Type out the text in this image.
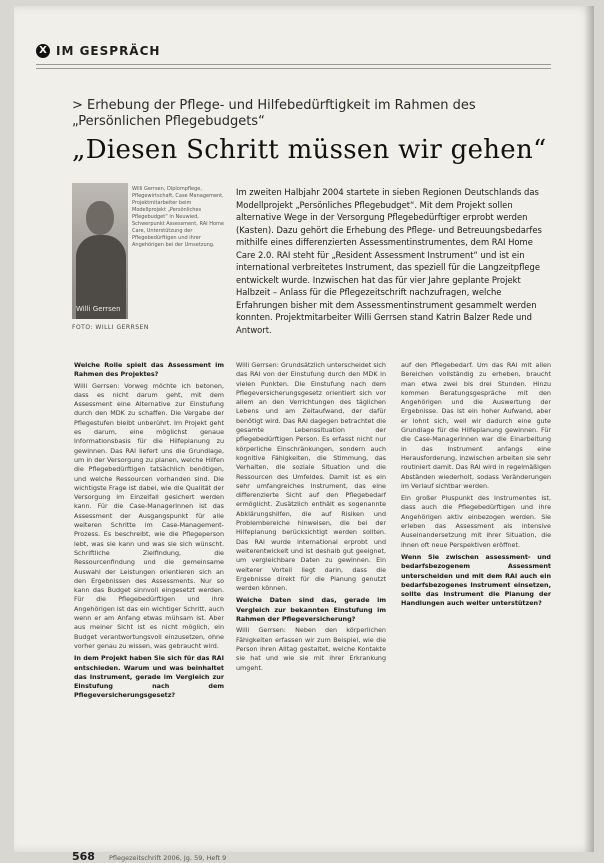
X IM GESPRÄCH
> Erhebung der Pflege- und Hilfebedürftigkeit im Rahmen des „Persönlichen Pflegebudgets“
„Diesen Schritt müssen wir gehen“
Willi Gerrsen
Willi Gerrsen, Diplompflege, Pflegewirtschaft, Case Management, Projektmitarbeiter beim Modellprojekt „Persönliches Pflegebudget“ in Neuwied, Schwerpunkt Assessment, RAI Home Care, Unterstützung der Pflegebedürftigen und ihrer Angehörigen bei der Umsetzung.
FOTO: WILLI GERRSEN
Im zweiten Halbjahr 2004 startete in sieben Regionen Deutschlands das Modellprojekt „Persönliches Pflegebudget“. Mit dem Projekt sollen alternative Wege in der Versorgung Pflegebedürftiger erprobt werden (Kasten). Dazu gehört die Erhebung des Pflege- und Betreuungsbedarfes mithilfe eines differenzierten Assessmentinstrumentes, dem RAI Home Care 2.0. RAI steht für „Resident Assessment Instrument“ und ist ein international verbreitetes Instrument, das speziell für die Langzeitpflege entwickelt wurde. Inzwischen hat das für vier Jahre geplante Projekt Halbzeit – Anlass für die Pflegezeitschrift nachzufragen, welche Erfahrungen bisher mit dem Assessmentinstrument gesammelt werden konnten. Projektmitarbeiter Willi Gerrsen stand Katrin Balzer Rede und Antwort.
Welche Rolle spielt das Assessment im Rahmen des Projektes?
Willi Gerrsen: Vorweg möchte ich betonen, dass es nicht darum geht, mit dem Assessment eine Alternative zur Einstufung durch den MDK zu schaffen. Die Vergabe der Pflegestufen bleibt unberührt. Im Projekt geht es darum, eine möglichst genaue Informationsbasis für die Hilfeplanung zu gewinnen. Das RAI liefert uns die Grundlage, um in der Versorgung zu planen, welche Hilfen die Pflegebedürftigen tatsächlich benötigen, und welche Ressourcen vorhanden sind. Die wichtigste Frage ist dabei, wie die Qualität der Versorgung im Einzelfall gesichert werden kann. Für die Case-Managerinnen ist das Assessment der Ausgangspunkt für alle weiteren Schritte im Case-Management-Prozess. Es beschreibt, wie die Pflegeperson lebt, was sie kann und was sie sich wünscht. Schriftliche Zielfindung, die Ressourcenfindung und die gemeinsame Auswahl der Leistungen orientieren sich an den Ergebnissen des Assessments. Nur so kann das Budget sinnvoll eingesetzt werden. Für die Pflegebedürftigen und ihre Angehörigen ist das ein wichtiger Schritt, auch wenn er am Anfang etwas mühsam ist. Aber aus meiner Sicht ist es nicht möglich, ein Budget verantwortungsvoll einzusetzen, ohne vorher genau zu wissen, was gebraucht wird.
In dem Projekt haben Sie sich für das RAI entschieden. Warum und was beinhaltet das Instrument, gerade im Vergleich zur Einstufung nach dem Pflegeversicherungsgesetz?
Willi Gerrsen: Grundsätzlich unterscheidet sich das RAI von der Einstufung durch den MDK in vielen Punkten. Die Einstufung nach dem Pflegeversicherungsgesetz orientiert sich vor allem an den Verrichtungen des täglichen Lebens und am Zeitaufwand, der dafür benötigt wird. Das RAI dagegen betrachtet die gesamte Lebenssituation der pflegebedürftigen Person. Es erfasst nicht nur körperliche Einschränkungen, sondern auch kognitive Fähigkeiten, die Stimmung, das Verhalten, die soziale Situation und die Ressourcen des Umfeldes. Damit ist es ein sehr umfangreiches Instrument, das eine differenzierte Sicht auf den Pflegebedarf ermöglicht. Zusätzlich enthält es sogenannte Abklärungshilfen, die auf Risiken und Problembereiche hinweisen, die bei der Hilfeplanung berücksichtigt werden sollten. Das RAI wurde international erprobt und weiterentwickelt und ist deshalb gut geeignet, um vergleichbare Daten zu gewinnen. Ein weiterer Vorteil liegt darin, dass die Ergebnisse direkt für die Planung genutzt werden können.
Welche Daten sind das, gerade im Vergleich zur bekannten Einstufung im Rahmen der Pflegeversicherung?
Willi Gerrsen: Neben den körperlichen Fähigkeiten erfassen wir zum Beispiel, wie die Person ihren Alltag gestaltet, welche Kontakte sie hat und wie sie mit ihrer Erkrankung umgeht.
auf den Pflegebedarf. Um das RAI mit allen Bereichen vollständig zu erheben, braucht man etwa zwei bis drei Stunden. Hinzu kommen Beratungsgespräche mit den Angehörigen und die Auswertung der Ergebnisse. Das ist ein hoher Aufwand, aber er lohnt sich, weil wir dadurch eine gute Grundlage für die Hilfeplanung gewinnen. Für die Case-Managerinnen war die Einarbeitung in das Instrument anfangs eine Herausforderung, inzwischen arbeiten sie sehr routiniert damit. Das RAI wird in regelmäßigen Abständen wiederholt, sodass Veränderungen im Verlauf sichtbar werden.
Ein großer Pluspunkt des Instrumentes ist, dass auch die Pflegebedürftigen und ihre Angehörigen aktiv einbezogen werden. Sie erleben das Assessment als intensive Auseinandersetzung mit ihrer Situation, die ihnen oft neue Perspektiven eröffnet.
Wenn Sie zwischen assessment- und bedarfsbezogenem Assessment unterscheiden und mit dem RAI auch ein bedarfsbezogenes Instrument einsetzen, sollte das Instrument die Planung der Handlungen auch weiter unterstützen?
568 Pflegezeitschrift 2006, Jg. 59, Heft 9
